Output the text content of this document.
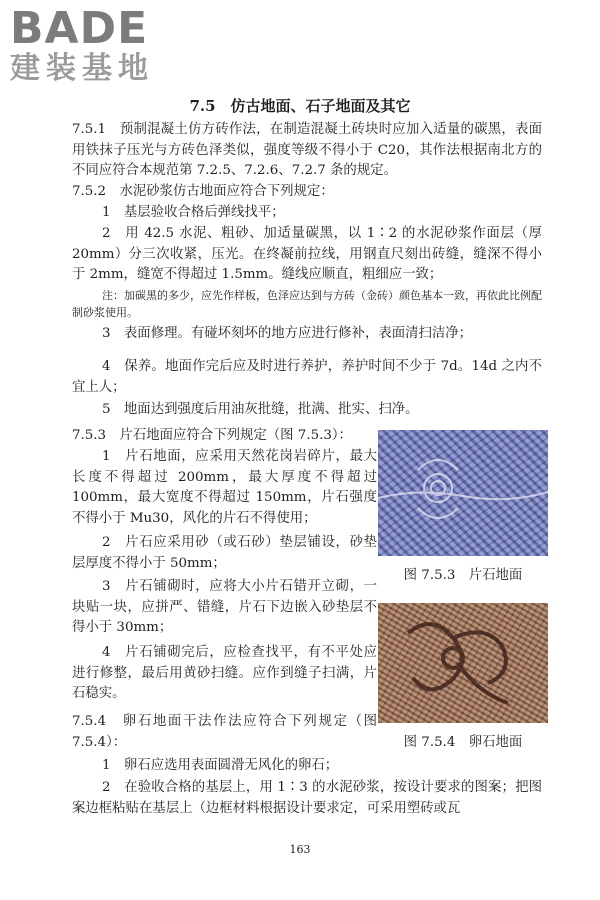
BADE
建装基地
7.5　仿古地面、石子地面及其它
7.5.1　预制混凝土仿方砖作法，在制造混凝土砖块时应加入适量的碳黑，表面用铁抹子压光与方砖色泽类似，强度等级不得小于 C20，其作法根据南北方的不同应符合本规范第 7.2.5、7.2.6、7.2.7 条的规定。
7.5.2　水泥砂浆仿古地面应符合下列规定：
1　基层验收合格后弹线找平；
2　用 42.5 水泥、粗砂、加适量碳黑，以 1∶2 的水泥砂浆作面层（厚 20mm）分三次收紧，压光。在终凝前拉线，用钢直尺刻出砖缝，缝深不得小于 2mm，缝宽不得超过 1.5mm。缝线应顺直，粗细应一致；
注：加碳黑的多少，应先作样板，色泽应达到与方砖（金砖）颜色基本一致，再依此比例配制砂浆使用。
3　表面修理。有碰坏刻坏的地方应进行修补，表面清扫洁净；
4　保养。地面作完后应及时进行养护，养护时间不少于 7d。14d 之内不宜上人；
5　地面达到强度后用油灰批缝，批满、批实、扫净。
7.5.3　片石地面应符合下列规定（图 7.5.3）：
1　片石地面，应采用天然花岗岩碎片，最大长度不得超过 200mm，最大厚度不得超过 100mm，最大宽度不得超过 150mm，片石强度不得小于 Mu30，风化的片石不得使用；
2　片石应采用砂（或石砂）垫层铺设，砂垫层厚度不得小于 50mm；
3　片石铺砌时，应将大小片石错开立砌，一块贴一块，应拼严、错缝，片石下边嵌入砂垫层不得小于 30mm；
4　片石铺砌完后，应检查找平，有不平处应进行修整，最后用黄砂扫缝。应作到缝子扫满，片石稳实。
7.5.4　卵石地面干法作法应符合下列规定（图 7.5.4）：
1　卵石应选用表面圆滑无风化的卵石；
2　在验收合格的基层上，用 1∶3 的水泥砂浆，按设计要求的图案；把图案边框粘贴在基层上（边框材料根据设计要求定，可采用塑砖或瓦
图 7.5.3　片石地面
图 7.5.4　卵石地面
163
